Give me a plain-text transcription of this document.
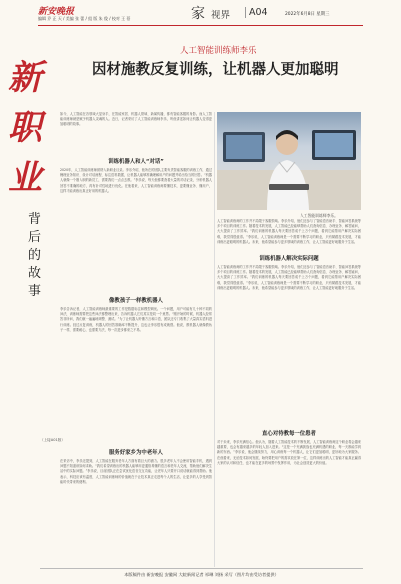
新安晚报
编辑 乔 正 天 / 美编 张 蕾 / 组 版 朱 俊 / 校对 王 蓓	家 视界	A04	2022年6月8日 星期三
人工智能训练师李乐
因材施教反复训练，让机器人更加聪明
新
职
业
背
后
的
故
事
如今，人工智能在各领域大显身手，在智能家居、机器人领域、新闻传播，都有智能客服的身影。而人工智能训练师就是赋予机器人灵魂的人。近日，记者采访了人工智能训练师李乐，听他讲述如何让机器人变得更加聪明的故事。
训练机器人和人“对话”
2020年，人工智能训练师被纳入新职业目录。李乐介绍，他所在的团队主要负责智能客服的训练工作，通过梳理业务知识、设计对话流程、标注语料数据，让机器人能够准确理解用户的问题并给出恰当的回答。“机器人就像一个刚入职的新员工，需要我们一点点去教。”李乐说，每天他都要查看大量的对话记录，分析机器人回答不准确的地方，再有针对性地进行优化。在他看来，人工智能训练师要懂技术，更要懂业务、懂用户，这样才能训练出真正好用的机器人。
像教孩子一样教机器人
李乐告诉记者，人工智能训练师最重要的工作是数据标注和模型调优。一个问题，用户可能有几十种不同的问法，训练师需要把这些问法都整理出来，告诉机器人它们其实是同一个意思。“刚开始的时候，机器人经常答非所问，我们就一遍遍地调整、测试。”为了让机器人听懂方言和口语，团队还专门收集了大量真实语料进行训练。经过反复训练，机器人的回答准确率不断提升，这也让李乐很有成就感。他说，教机器人就像教孩子一样，需要耐心，也需要方法，每一次进步都来之不易。
人工智能训练师李乐。
人工智能训练师的工作并不局限于客服领域。李乐介绍，他们还参与了智能语音助手、智能问答系统等多个项目的训练工作。随着技术的发展，人工智能已经能够帮助人们查询信息、办理业务、解答疑问，大大提高了工作效率。“我们训练的机器人每天要回答成千上万个问题，看到它能帮用户解决实际困难，我觉得很值得。”李乐说，人工智能训练师是一个需要不断学习的职业，只有紧跟技术发展，才能训练出更聪明的机器人。未来，他希望能参与更多领域的训练工作，让人工智能更好地服务于生活。
训练机器人解决实际问题
人工智能训练师的工作并不局限于客服领域。李乐介绍，他们还参与了智能语音助手、智能问答系统等多个项目的训练工作。随着技术的发展，人工智能已经能够帮助人们查询信息、办理业务、解答疑问，大大提高了工作效率。“我们训练的机器人每天要回答成千上万个问题，看到它能帮用户解决实际困难，我觉得很值得。”李乐说，人工智能训练师是一个需要不断学习的职业，只有紧跟技术发展，才能训练出更聪明的机器人。未来，他希望能参与更多领域的训练工作，让人工智能更好地服务于生活。
（上接A01版）
服务好家乡为中老年人
在采访中，李乐还提到，人工智能在服务老年人方面有着巨大的潜力。很多老年人不会使用智能手机，遇到问题不知道该如何求助。“我们希望训练出的机器人能够用更通俗易懂的语言和老年人交流，帮助他们解决生活中的实际问题。”李乐说，目前团队正在尝试优化语音交互功能，让老年人只要开口说话就能得到帮助。他表示，科技应该有温度，人工智能训练师的价值就在于让技术真正走进每个人的生活，让更多的人享受到智能时代带来的便利。
直心对待教每一位患者
对于未来，李乐充满信心。他认为，随着人工智能技术的不断发展，人工智能训练师这个职业将会越来越重要，也会有越来越多的年轻人加入进来。“这是一个充满挑战也充满机遇的职业，每一天都能学到新的东西。”李乐说，他会继续努力，用心训练每一个机器人，让它们更加聪明，更好地为大家服务。在他看来，无论技术如何发展，始终要把用户的需求放在第一位，这样训练出的人工智能才能真正赢得大家的认可和信任，也才能在更多的场景中发挥作用，为社会创造更大的价值。
本版稿件由 新安晚报 安徽网 大皖新闻记者 祁琳 刘扬 采写（图片均由受访者提供）
